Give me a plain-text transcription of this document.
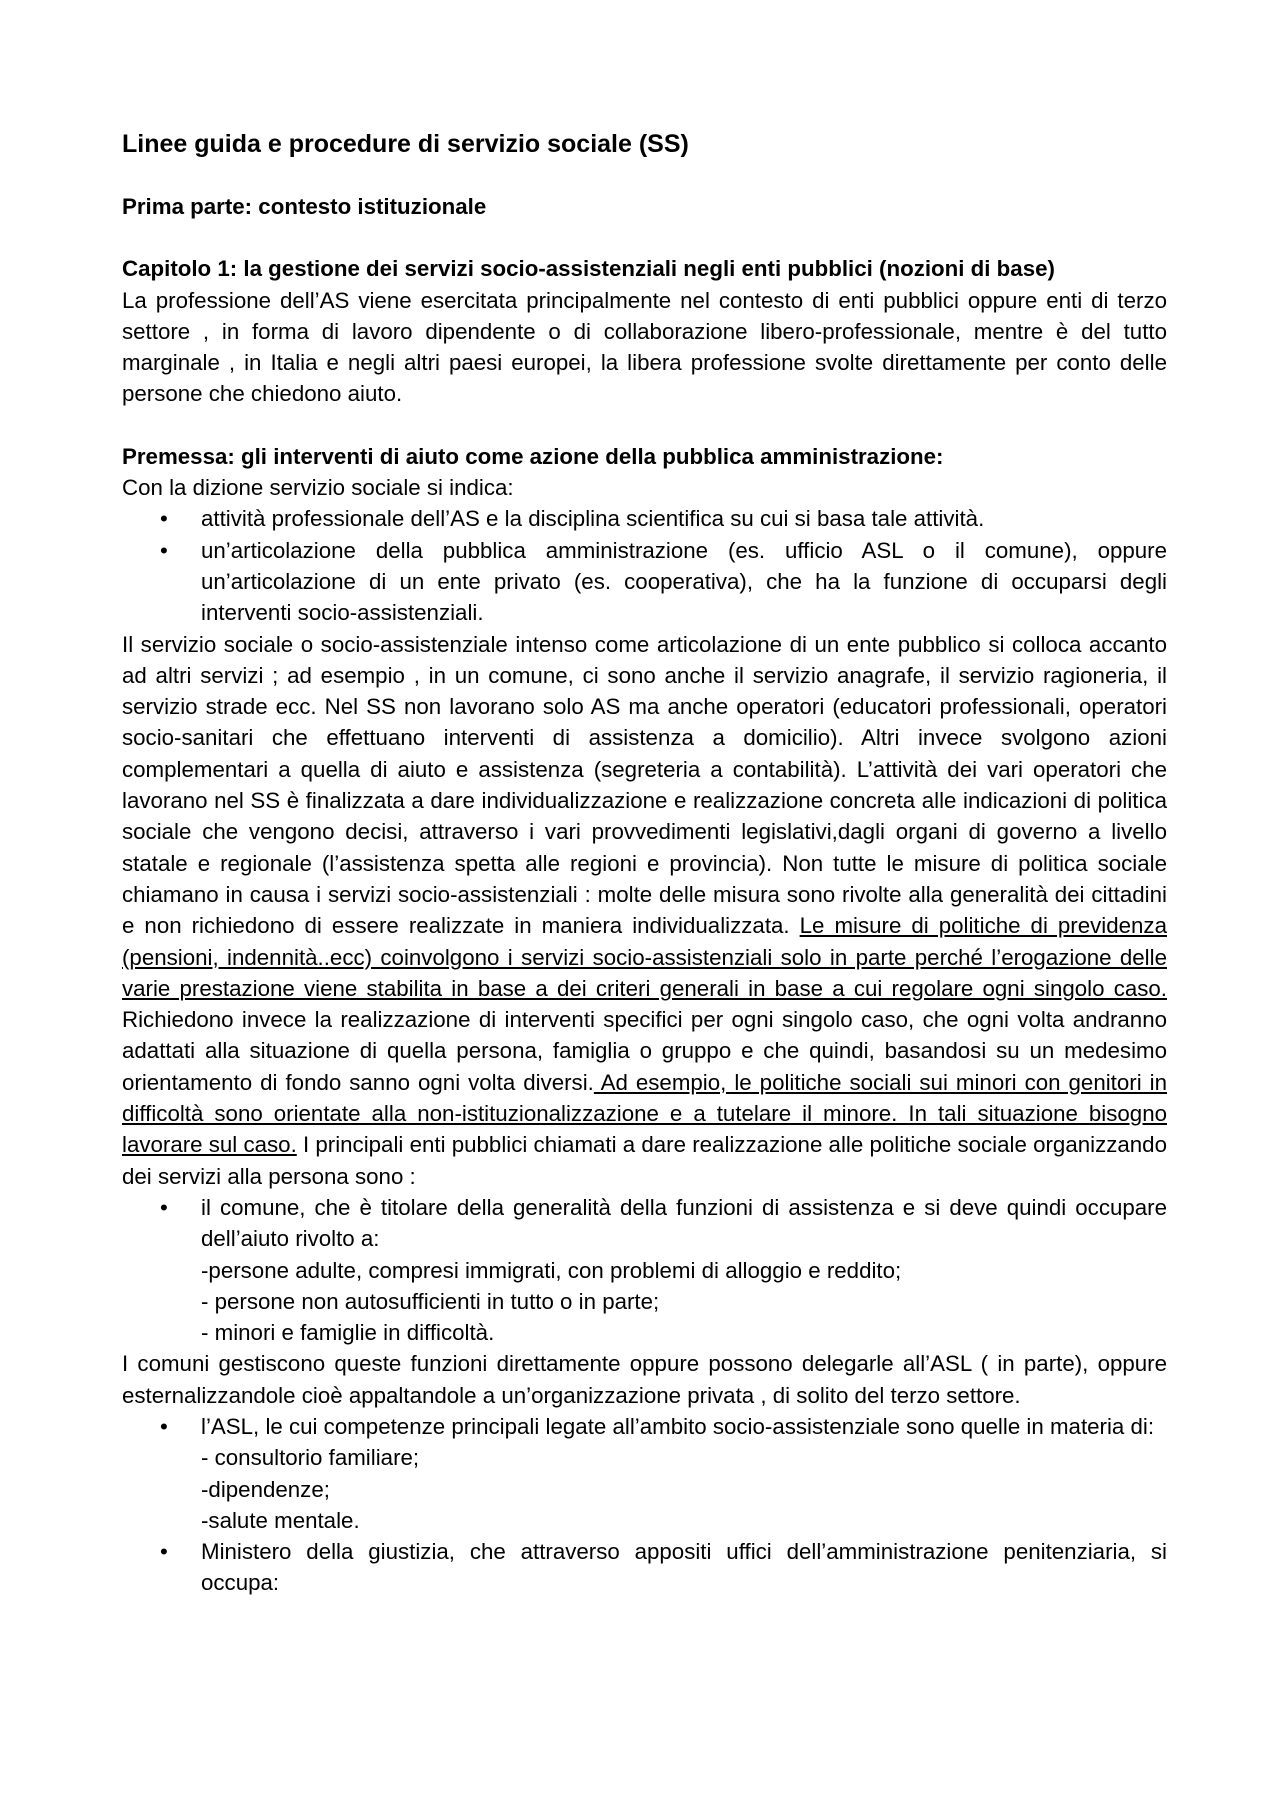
Linee guida e procedure di servizio sociale (SS)
Prima parte: contesto istituzionale
Capitolo 1: la gestione dei servizi socio-assistenziali negli enti pubblici (nozioni di base)

La professione dell’AS viene esercitata principalmente nel contesto di enti pubblici oppure enti di terzo settore , in forma di lavoro dipendente o di collaborazione libero-professionale, mentre è del tutto marginale , in Italia e negli altri paesi europei, la libera professione svolte direttamente per conto delle persone che chiedono aiuto.

Premessa: gli interventi di aiuto come azione della pubblica amministrazione:

Con la dizione servizio sociale si indica:

• attività professionale dell’AS e la disciplina scientifica su cui si basa tale attività.
• un’articolazione della pubblica amministrazione (es. ufficio ASL o il comune), oppure un’articolazione di un ente privato (es. cooperativa), che ha la funzione di occuparsi degli interventi socio-assistenziali.

Il servizio sociale o socio-assistenziale intenso come articolazione di un ente pubblico si colloca accanto ad altri servizi ; ad esempio , in un comune, ci sono anche il servizio anagrafe, il servizio ragioneria, il servizio strade ecc. Nel SS non lavorano solo AS ma anche operatori (educatori professionali, operatori socio-sanitari che effettuano interventi di assistenza a domicilio). Altri invece svolgono azioni complementari a quella di aiuto e assistenza (segreteria a contabilità). L’attività dei vari operatori che lavorano nel SS è finalizzata a dare individualizzazione e realizzazione concreta alle indicazioni di politica sociale che vengono decisi, attraverso i vari provvedimenti legislativi,dagli organi di governo a livello statale e regionale (l’assistenza spetta alle regioni e provincia). Non tutte le misure di politica sociale chiamano in causa i servizi socio-assistenziali : molte delle misura sono rivolte alla generalità dei cittadini e non richiedono di essere realizzate in maniera individualizzata. Le misure di politiche di previdenza (pensioni, indennità..ecc) coinvolgono i servizi socio-assistenziali solo in parte perché l’erogazione delle varie prestazione viene stabilita in base a dei criteri generali in base a cui regolare ogni singolo caso. Richiedono invece la realizzazione di interventi specifici per ogni singolo caso, che ogni volta andranno adattati alla situazione di quella persona, famiglia o gruppo e che quindi, basandosi su un medesimo orientamento di fondo sanno ogni volta diversi. Ad esempio, le politiche sociali sui minori con genitori in difficoltà sono orientate alla non-istituzionalizzazione e a tutelare il minore. In tali situazione bisogno lavorare sul caso. I principali enti pubblici chiamati a dare realizzazione alle politiche sociale organizzando dei servizi alla persona sono :

• il comune, che è titolare della generalità della funzioni di assistenza e si deve quindi occupare dell’aiuto rivolto a:
-persone adulte, compresi immigrati, con problemi di alloggio e reddito;
- persone non autosufficienti in tutto o in parte;
- minori e famiglie in difficoltà.

I comuni gestiscono queste funzioni direttamente oppure possono delegarle all’ASL ( in parte), oppure esternalizzandole cioè appaltandole a un’organizzazione privata , di solito del terzo settore.

• l’ASL, le cui competenze principali legate all’ambito socio-assistenziale sono quelle in materia di:
- consultorio familiare;
-dipendenze;
-salute mentale.
• Ministero della giustizia, che attraverso appositi uffici dell’amministrazione penitenziaria, si occupa:
